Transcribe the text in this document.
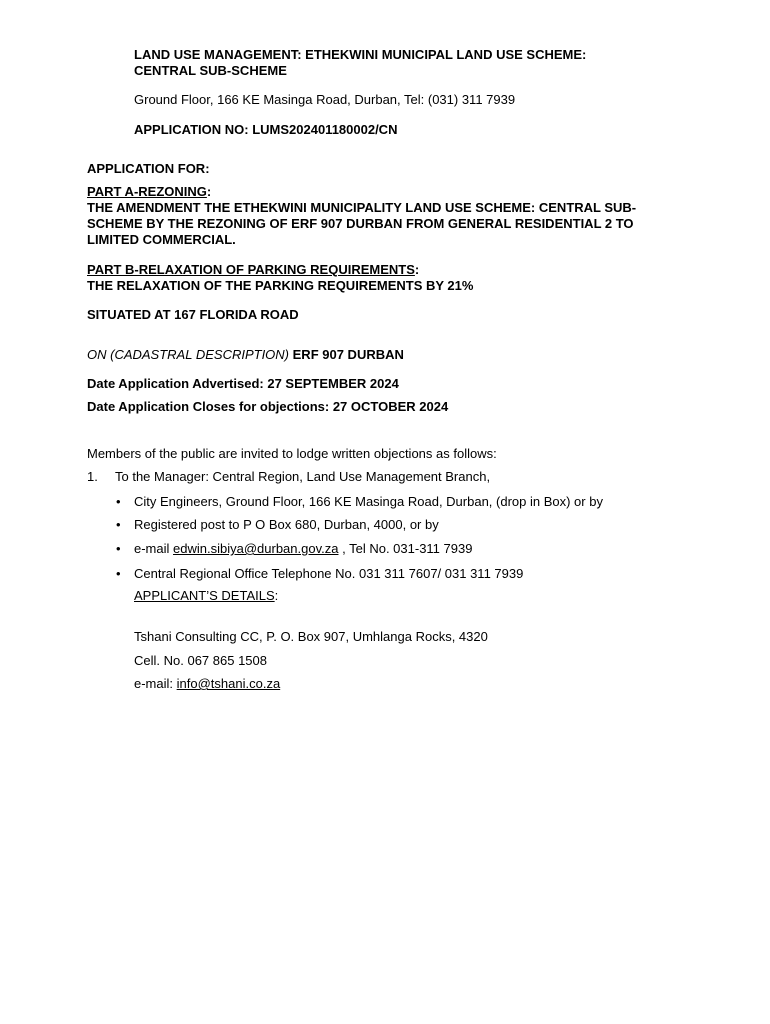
LAND USE MANAGEMENT: ETHEKWINI MUNICIPAL LAND USE SCHEME:
CENTRAL SUB-SCHEME
Ground Floor, 166 KE Masinga Road, Durban, Tel: (031) 311 7939
APPLICATION NO: LUMS202401180002/CN
APPLICATION FOR:
PART A-REZONING:
THE AMENDMENT THE ETHEKWINI MUNICIPALITY LAND USE SCHEME: CENTRAL SUB-
SCHEME BY THE REZONING OF ERF 907 DURBAN FROM GENERAL RESIDENTIAL 2 TO
LIMITED COMMERCIAL.
PART B-RELAXATION OF PARKING REQUIREMENTS:
THE RELAXATION OF THE PARKING REQUIREMENTS BY 21%
SITUATED AT 167 FLORIDA ROAD
ON (CADASTRAL DESCRIPTION) ERF 907 DURBAN
Date Application Advertised: 27 SEPTEMBER 2024
Date Application Closes for objections: 27 OCTOBER 2024
Members of the public are invited to lodge written objections as follows:
1. To the Manager: Central Region, Land Use Management Branch,
• City Engineers, Ground Floor, 166 KE Masinga Road, Durban, (drop in Box) or by
• Registered post to P O Box 680, Durban, 4000, or by
• e-mail edwin.sibiya@durban.gov.za , Tel No. 031-311 7939
• Central Regional Office Telephone No. 031 311 7607/ 031 311 7939
APPLICANT’S DETAILS:
Tshani Consulting CC, P. O. Box 907, Umhlanga Rocks, 4320
Cell. No. 067 865 1508
e-mail: info@tshani.co.za
